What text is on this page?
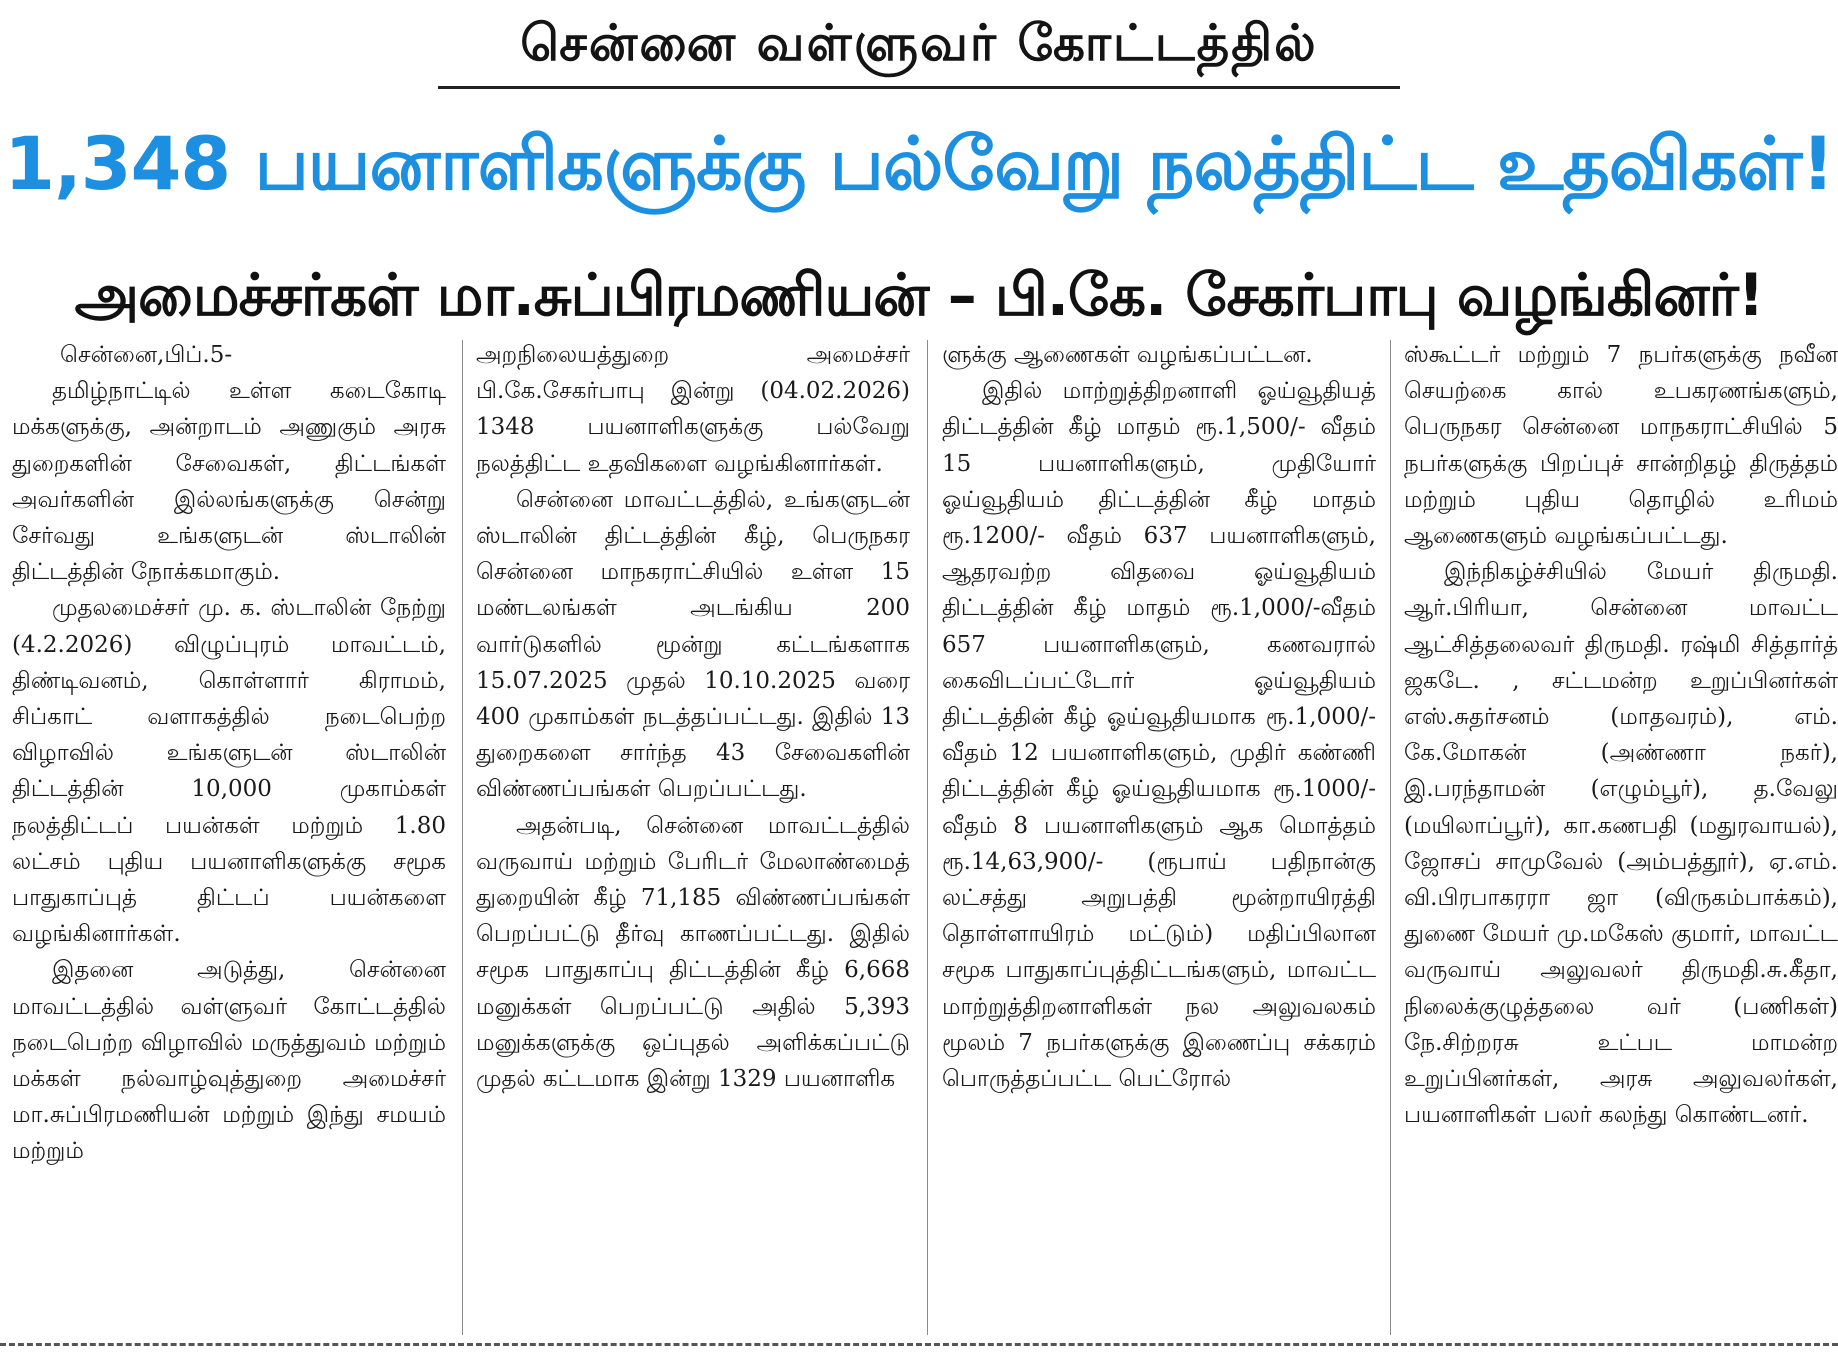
சென்னை வள்ளுவர் கோட்டத்தில்
1,348 பயனாளிகளுக்கு பல்வேறு நலத்திட்ட உதவிகள்!
அமைச்சர்கள் மா.சுப்பிரமணியன் – பி.கே. சேகர்பாபு வழங்கினர்!

சென்னை,பிப்.5-

தமிழ்நாட்டில் உள்ள கடைகோடி மக்களுக்கு, அன்றாடம் அணுகும் அரசு துறைகளின் சேவைகள், திட்டங்கள் அவர்களின் இல்லங்களுக்கு சென்று சேர்வது உங்களுடன் ஸ்டாலின் திட்டத்தின் நோக்கமாகும்.

முதலமைச்சர் மு. க. ஸ்டாலின் நேற்று (4.2.2026) விழுப்புரம் மாவட்டம், திண்டிவனம், கொள்ளார் கிராமம், சிப்காட் வளாகத்தில் நடைபெற்ற விழாவில் உங்களுடன் ஸ்டாலின் திட்டத்தின் 10,000 முகாம்கள் நலத்திட்டப் பயன்கள் மற்றும் 1.80 லட்சம் புதிய பயனாளிகளுக்கு சமூக பாதுகாப்புத் திட்டப் பயன்களை வழங்கினார்கள்.

இதனை அடுத்து, சென்னை மாவட்டத்தில் வள்ளுவர் கோட்டத்தில் நடைபெற்ற விழாவில் மருத்துவம் மற்றும் மக்கள் நல்வாழ்வுத்துறை அமைச்சர் மா.சுப்பிரமணியன் மற்றும் இந்து சமயம் மற்றும்

அறநிலையத்துறை அமைச்சர் பி.கே.சேகர்பாபு இன்று (04.02.2026) 1348 பயனாளிகளுக்கு பல்வேறு நலத்திட்ட உதவிகளை வழங்கினார்கள்.

சென்னை மாவட்டத்தில், உங்களுடன் ஸ்டாலின் திட்டத்தின் கீழ், பெருநகர சென்னை மாநகராட்சியில் உள்ள 15 மண்டலங்கள் அடங்கிய 200 வார்டுகளில் மூன்று கட்டங்களாக 15.07.2025 முதல் 10.10.2025 வரை 400 முகாம்கள் நடத்தப்பட்டது. இதில் 13 துறைகளை சார்ந்த 43 சேவைகளின் விண்ணப்பங்கள் பெறப்பட்டது.

அதன்படி, சென்னை மாவட்டத்தில் வருவாய் மற்றும் பேரிடர் மேலாண்மைத் துறையின் கீழ் 71,185 விண்ணப்பங்கள் பெறப்பட்டு தீர்வு காணப்பட்டது. இதில் சமூக பாதுகாப்பு திட்டத்தின் கீழ் 6,668 மனுக்கள் பெறப்பட்டு அதில் 5,393 மனுக்களுக்கு ஒப்புதல் அளிக்கப்பட்டு முதல் கட்டமாக இன்று 1329 பயனாளிக

ளுக்கு ஆணைகள் வழங்கப்பட்டன.

இதில் மாற்றுத்திறனாளி ஓய்வூதியத் திட்டத்தின் கீழ் மாதம் ரூ.1,500/- வீதம் 15 பயனாளிகளும், முதியோர் ஓய்வூதியம் திட்டத்தின் கீழ் மாதம் ரூ.1200/- வீதம் 637 பயனாளிகளும், ஆதரவற்ற விதவை ஓய்வூதியம் திட்டத்தின் கீழ் மாதம் ரூ.1,000/-வீதம் 657 பயனாளிகளும், கணவரால் கைவிடப்பட்டோர் ஓய்வூதியம் திட்டத்தின் கீழ் ஓய்வூதியமாக ரூ.1,000/- வீதம் 12 பயனாளிகளும், முதிர் கண்ணி திட்டத்தின் கீழ் ஓய்வூதியமாக ரூ.1000/- வீதம் 8 பயனாளிகளும் ஆக மொத்தம் ரூ.14,63,900/- (ரூபாய் பதிநான்கு லட்சத்து அறுபத்தி மூன்றாயிரத்தி தொள்ளாயிரம் மட்டும்) மதிப்பிலான சமூக பாதுகாப்புத்திட்டங்களும், மாவட்ட மாற்றுத்திறனாளிகள் நல அலுவலகம் மூலம் 7 நபர்களுக்கு இணைப்பு சக்கரம் பொருத்தப்பட்ட பெட்ரோல்

ஸ்கூட்டர் மற்றும் 7 நபர்களுக்கு நவீன செயற்கை கால் உபகரணங்களும், பெருநகர சென்னை மாநகராட்சியில் 5 நபர்களுக்கு பிறப்புச் சான்றிதழ் திருத்தம் மற்றும் புதிய தொழில் உரிமம் ஆணைகளும் வழங்கப்பட்டது.

இந்நிகழ்ச்சியில் மேயர் திருமதி. ஆர்.பிரியா, சென்னை மாவட்ட ஆட்சித்தலைவர் திருமதி. ரஷ்மி சித்தார்த் ஜகடே. , சட்டமன்ற உறுப்பினர்கள் எஸ்.சுதர்சனம் (மாதவரம்), எம். கே.மோகன் (அண்ணா நகர்), இ.பரந்தாமன் (எழும்பூர்), த.வேலு (மயிலாப்பூர்), கா.கணபதி (மதுரவாயல்), ஜோசப் சாமுவேல் (அம்பத்தூர்), ஏ.எம். வி.பிரபாகரரா ஜா (விருகம்பாக்கம்), துணை மேயர் மு.மகேஸ் குமார், மாவட்ட வருவாய் அலுவலர் திருமதி.சு.கீதா, நிலைக்குழுத்தலை வர் (பணிகள்) நே.சிற்றரசு உட்பட மாமன்ற உறுப்பினர்கள், அரசு அலுவலர்கள், பயனாளிகள் பலர் கலந்து கொண்டனர்.
